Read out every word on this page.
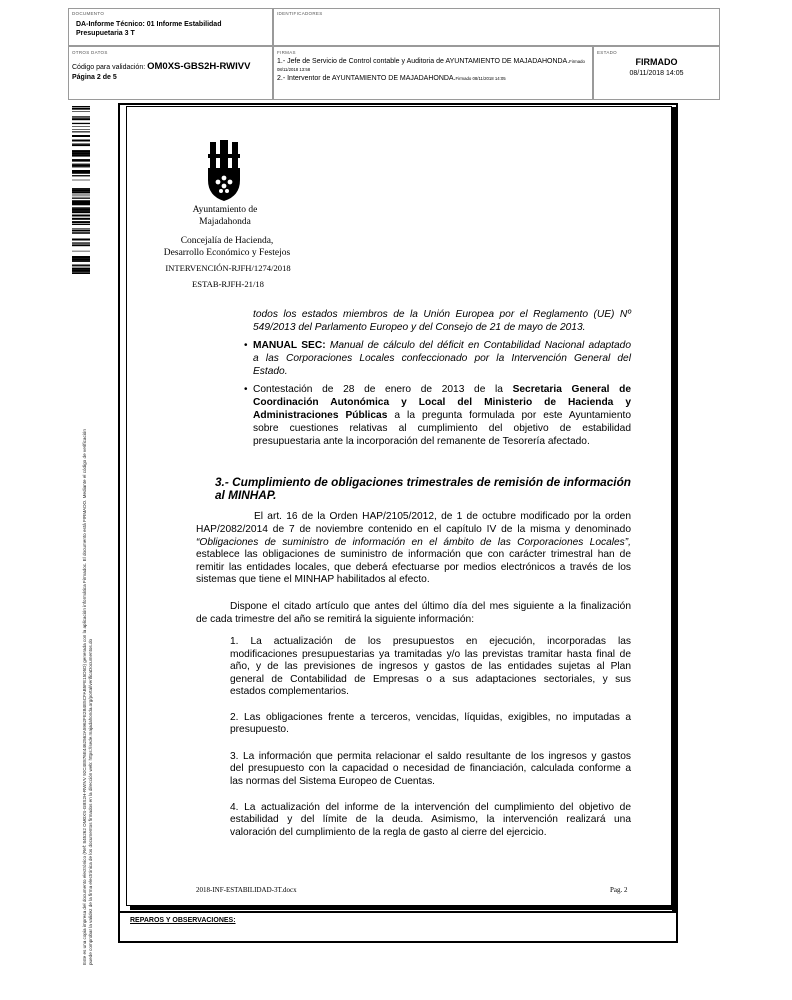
DOCUMENTO
DA-Informe Técnico: 01 Informe Estabilidad Presupuetaria 3 T
IDENTIFICADORES
OTROS DATOS
Código para validación: OM0XS-GBS2H-RWIVV
Página 2 de 5
FIRMAS
1.- Jefe de Servicio de Control contable y Auditoria de AYUNTAMIENTO DE MAJADAHONDA.Firmado 08/11/2018 13:58
2.- Interventor de AYUNTAMIENTO DE MAJADAHONDA.Firmado 08/11/2018 14:05
ESTADO
FIRMADO
08/11/2018 14:05
Este es una copia impresa del documento electrónico (Ref: 845262 OM0XS-GBS2H-RWIVV 92C4E876E4462562A5962FE2B4E5CFAB5FE15D5D) generada con la aplicación informática Firmadoc. El documento está FIRMADO. Mediante el código de verificación puede comprobar la validez de la firma electrónica de los documentos firmados en la dirección web: https://sede.majadahonda.org/portal/verificaDocumentos.do	REPAROS Y OBSERVACIONES:
Ayuntamiento de
Majadahonda
Concejalía de Hacienda,
Desarrollo Económico y Festejos
INTERVENCIÓN-RJFH/1274/2018
ESTAB-RJFH-21/18
todos los estados miembros de la Unión Europea por el Reglamento (UE) Nº
549/2013 del Parlamento Europeo y del Consejo de 21 de mayo de 2013.
• MANUAL SEC: Manual de cálculo del déficit en Contabilidad Nacional adaptado
a las Corporaciones Locales confeccionado por la Intervención General del
Estado.
• Contestación de 28 de enero de 2013 de la Secretaria General de
Coordinación Autonómica y Local del Ministerio de Hacienda y
Administraciones Públicas a la pregunta formulada por este Ayuntamiento
sobre cuestiones relativas al cumplimiento del objetivo de estabilidad
presupuestaria ante la incorporación del remanente de Tesorería afectado.
3.- Cumplimiento de obligaciones trimestrales de remisión de información
al MINHAP.
El art. 16 de la Orden HAP/2105/2012, de 1 de octubre modificado por la orden
HAP/2082/2014 de 7 de noviembre contenido en el capítulo IV de la misma y denominado
“Obligaciones de suministro de información en el ámbito de las Corporaciones Locales”,
establece las obligaciones de suministro de información que con carácter trimestral han de
remitir las entidades locales, que deberá efectuarse por medios electrónicos a través de los
sistemas que tiene el MINHAP habilitados al efecto.
Dispone el citado artículo que antes del último día del mes siguiente a la finalización
de cada trimestre del año se remitirá la siguiente información:
1. La actualización de los presupuestos en ejecución, incorporadas las
modificaciones presupuestarias ya tramitadas y/o las previstas tramitar hasta final de
año, y de las previsiones de ingresos y gastos de las entidades sujetas al Plan
general de Contabilidad de Empresas o a sus adaptaciones sectoriales, y sus
estados complementarios.
2. Las obligaciones frente a terceros, vencidas, líquidas, exigibles, no imputadas a
presupuesto.
3. La información que permita relacionar el saldo resultante de los ingresos y gastos
del presupuesto con la capacidad o necesidad de financiación, calculada conforme a
las normas del Sistema Europeo de Cuentas.
4. La actualización del informe de la intervención del cumplimiento del objetivo de
estabilidad y del límite de la deuda. Asimismo, la intervención realizará una
valoración del cumplimiento de la regla de gasto al cierre del ejercicio.
2018-INF-ESTABILIDAD-3T.docx	Pag. 2
